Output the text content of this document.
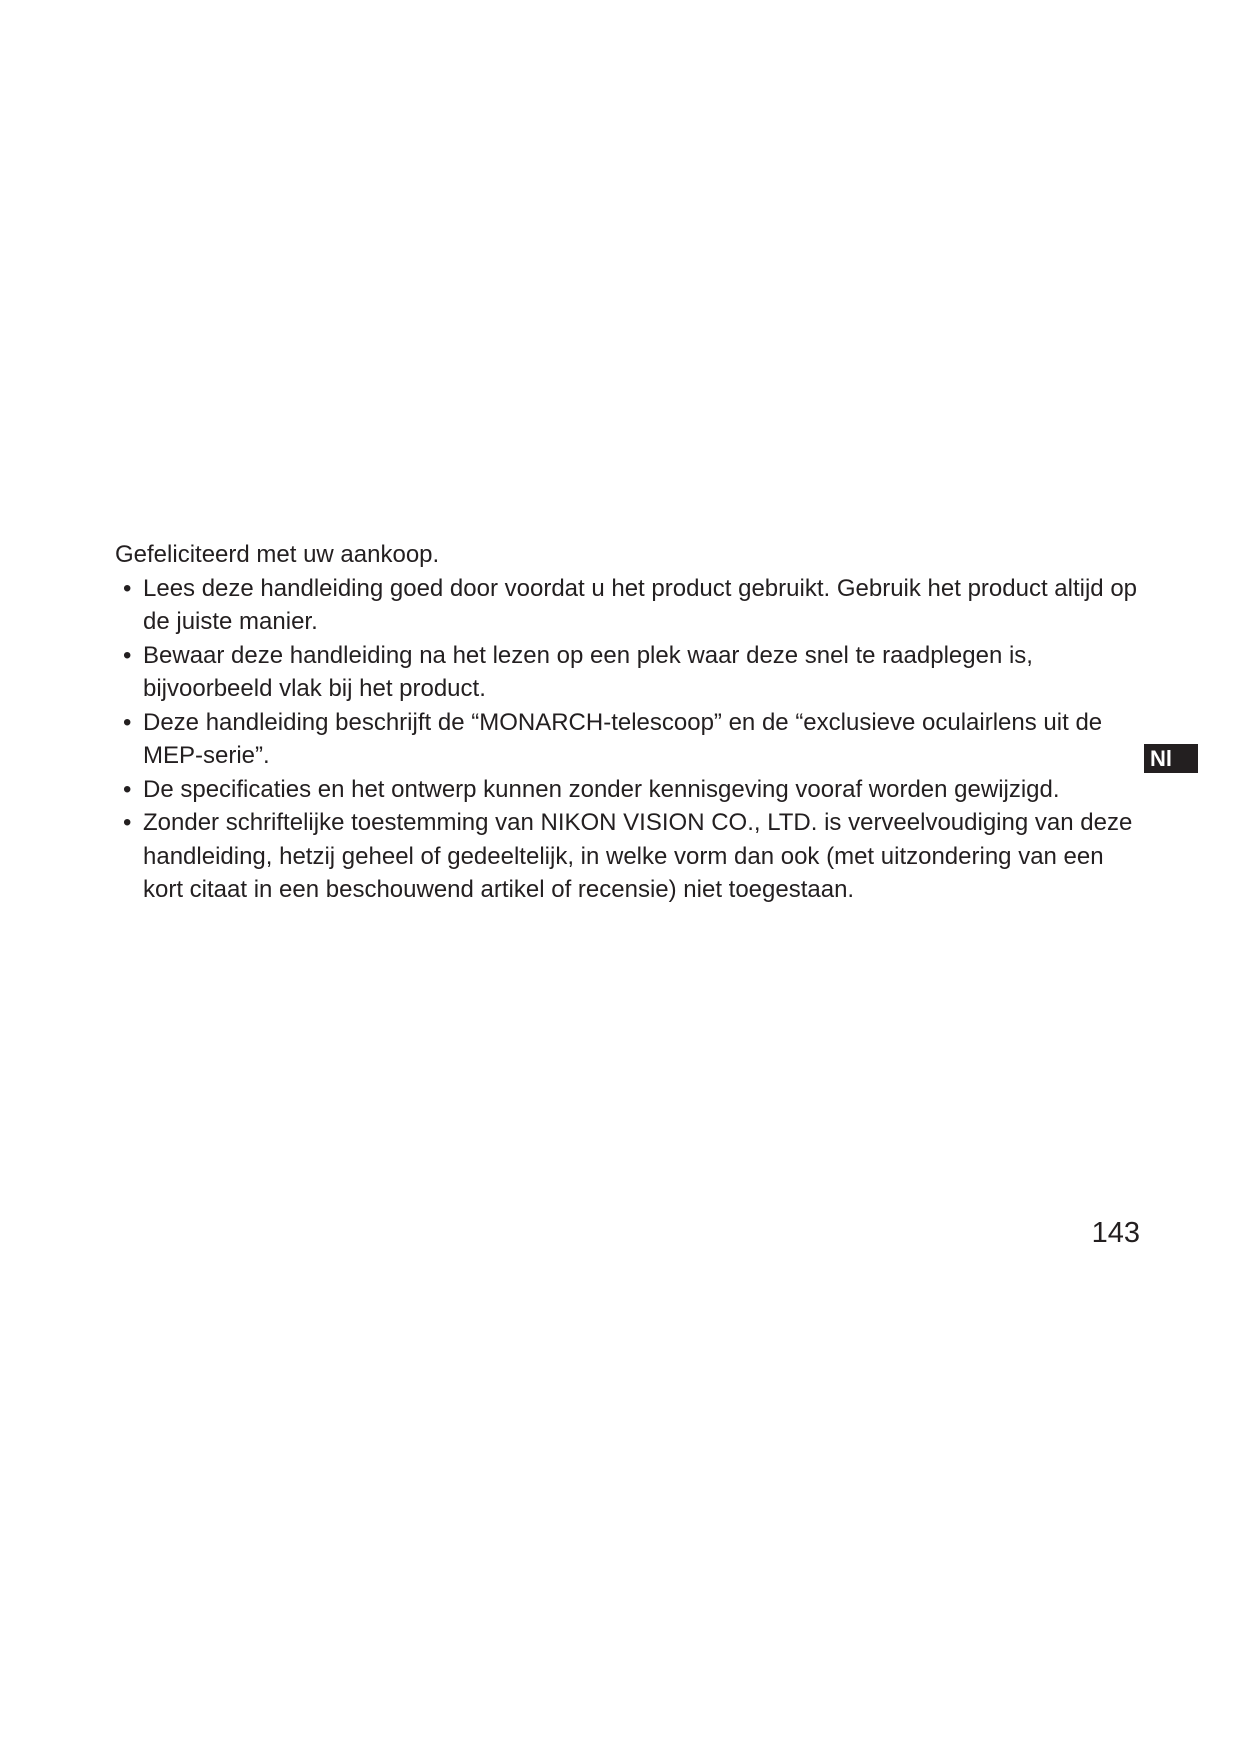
Gefeliciteerd met uw aankoop.

• Lees deze handleiding goed door voordat u het product gebruikt. Gebruik het product altijd op de juiste manier.
• Bewaar deze handleiding na het lezen op een plek waar deze snel te raadplegen is, bijvoorbeeld vlak bij het product.
• Deze handleiding beschrijft de “MONARCH-telescoop” en de “exclusieve oculairlens uit de MEP-serie”.
• De specificaties en het ontwerp kunnen zonder kennisgeving vooraf worden gewijzigd.
• Zonder schriftelijke toestemming van NIKON VISION CO., LTD. is verveelvoudiging van deze handleiding, hetzij geheel of gedeeltelijk, in welke vorm dan ook (met uitzondering van een kort citaat in een beschouwend artikel of recensie) niet toegestaan.
Nl
143
